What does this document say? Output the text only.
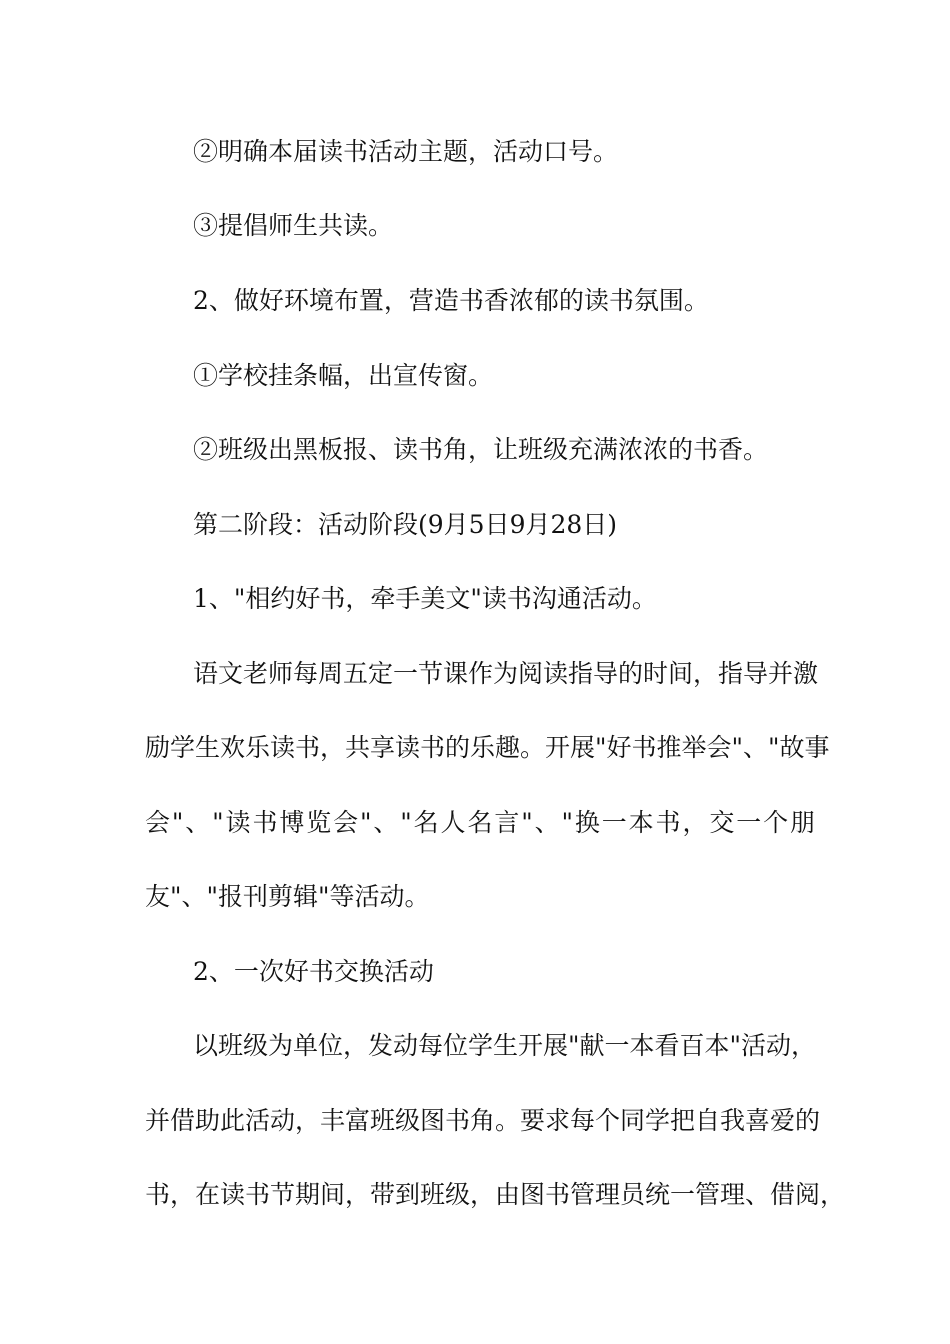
②明确本届读书活动主题，活动口号。
③提倡师生共读。
2、做好环境布置，营造书香浓郁的读书氛围。
①学校挂条幅，出宣传窗。
②班级出黑板报、读书角，让班级充满浓浓的书香。
第二阶段：活动阶段(9月5日9月28日)
1、"相约好书，牵手美文"读书沟通活动。
语文老师每周五定一节课作为阅读指导的时间，指导并激
励学生欢乐读书，共享读书的乐趣。开展"好书推举会"、"故事
会"、"读书博览会"、"名人名言"、"换一本书，交一个朋
友"、"报刊剪辑"等活动。
2、一次好书交换活动
以班级为单位，发动每位学生开展"献一本看百本"活动，
并借助此活动，丰富班级图书角。要求每个同学把自我喜爱的
书，在读书节期间，带到班级，由图书管理员统一管理、借阅，
